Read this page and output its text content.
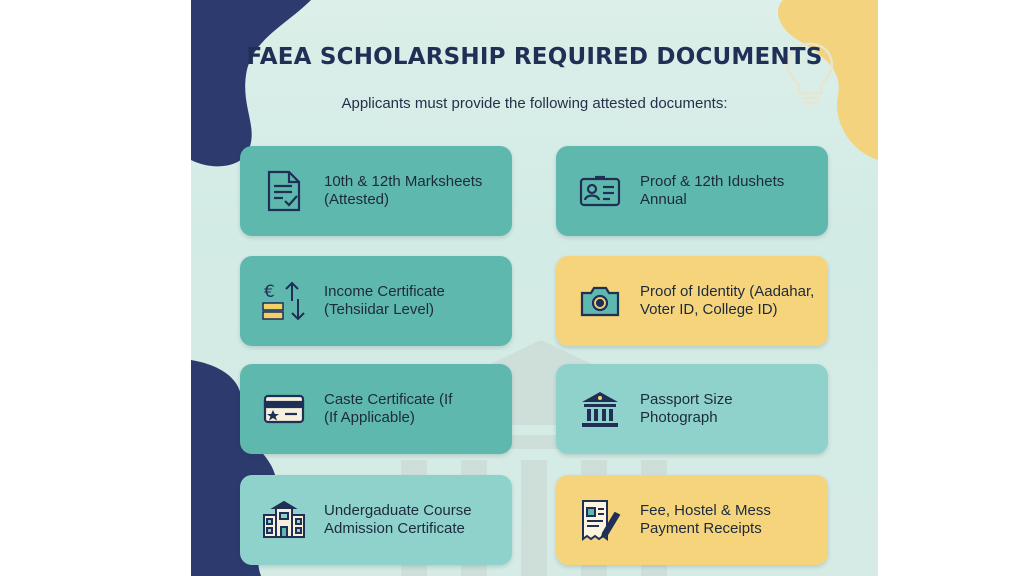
FAEA SCHOLARSHIP REQUIRED DOCUMENTS
Applicants must provide the following attested documents:
10th & 12th Marksheets
(Attested)
Proof & 12th Idushets
Annual
€	Income Certificate
(Tehsiidar Level)
Proof of Identity (Aadahar,
Voter ID, College ID)
Caste Certificate (If
(If Applicable)
Passport Size
Photograph
Undergaduate Course
Admission Certificate
Fee, Hostel & Mess
Payment Receipts
